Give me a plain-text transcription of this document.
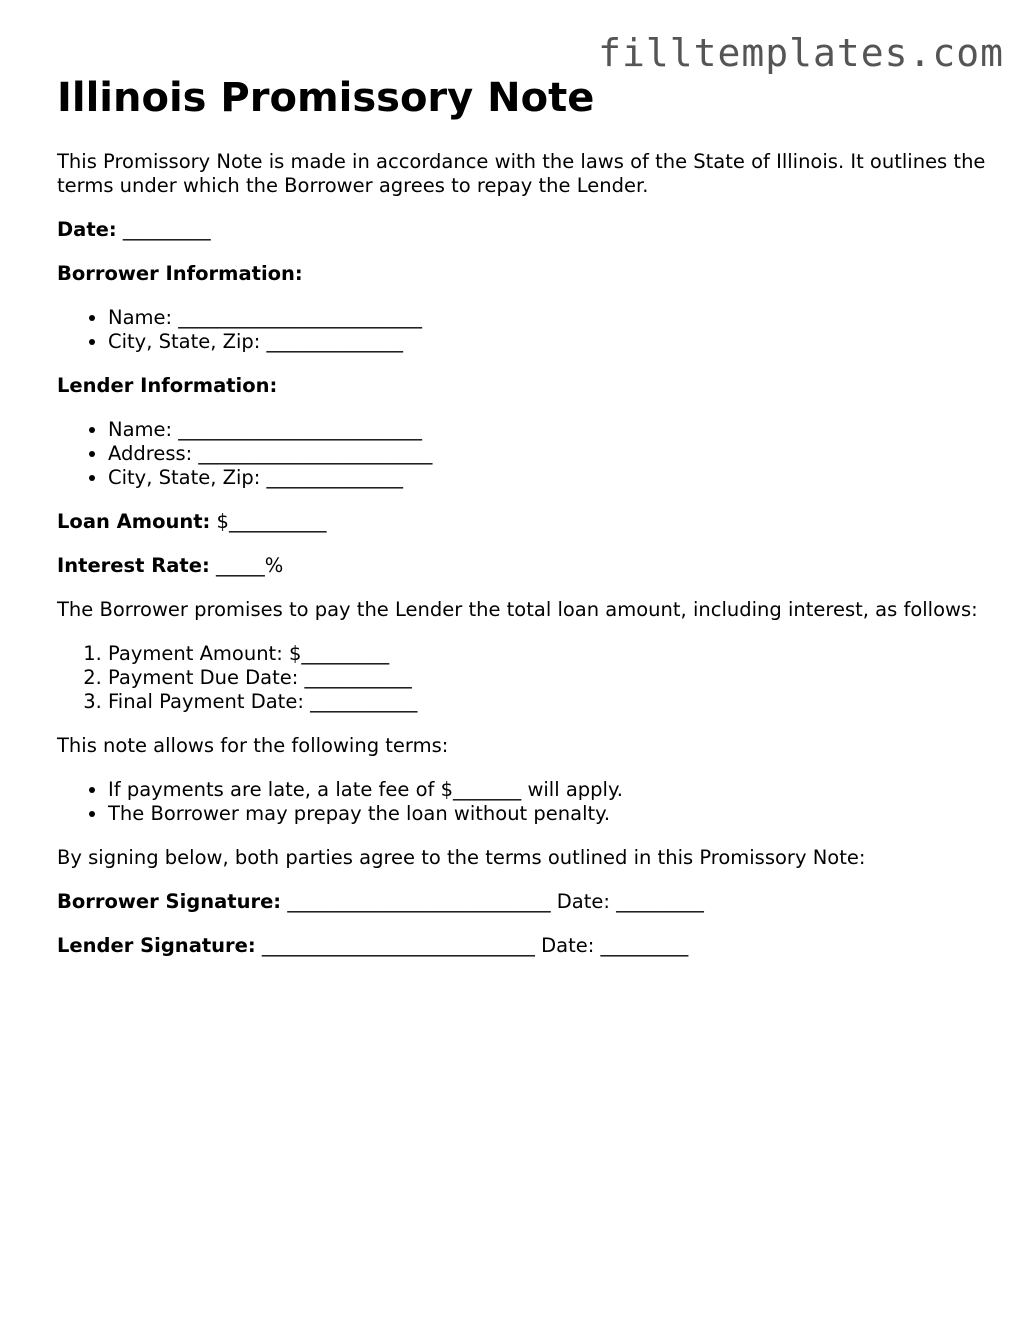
filltemplates.com
Illinois Promissory Note

This Promissory Note is made in accordance with the laws of the State of Illinois. It outlines the terms under which the Borrower agrees to repay the Lender.

Date: _________

Borrower Information:

• Name: _________________________
• City, State, Zip: ______________

Lender Information:

• Name: _________________________
• Address: ________________________
• City, State, Zip: ______________

Loan Amount: $__________

Interest Rate: _____%

The Borrower promises to pay the Lender the total loan amount, including interest, as follows:

1. Payment Amount: $_________
2. Payment Due Date: ___________
3. Final Payment Date: ___________

This note allows for the following terms:

• If payments are late, a late fee of $_______ will apply.
• The Borrower may prepay the loan without penalty.

By signing below, both parties agree to the terms outlined in this Promissory Note:

Borrower Signature: ___________________________ Date: _________

Lender Signature: ____________________________ Date: _________
